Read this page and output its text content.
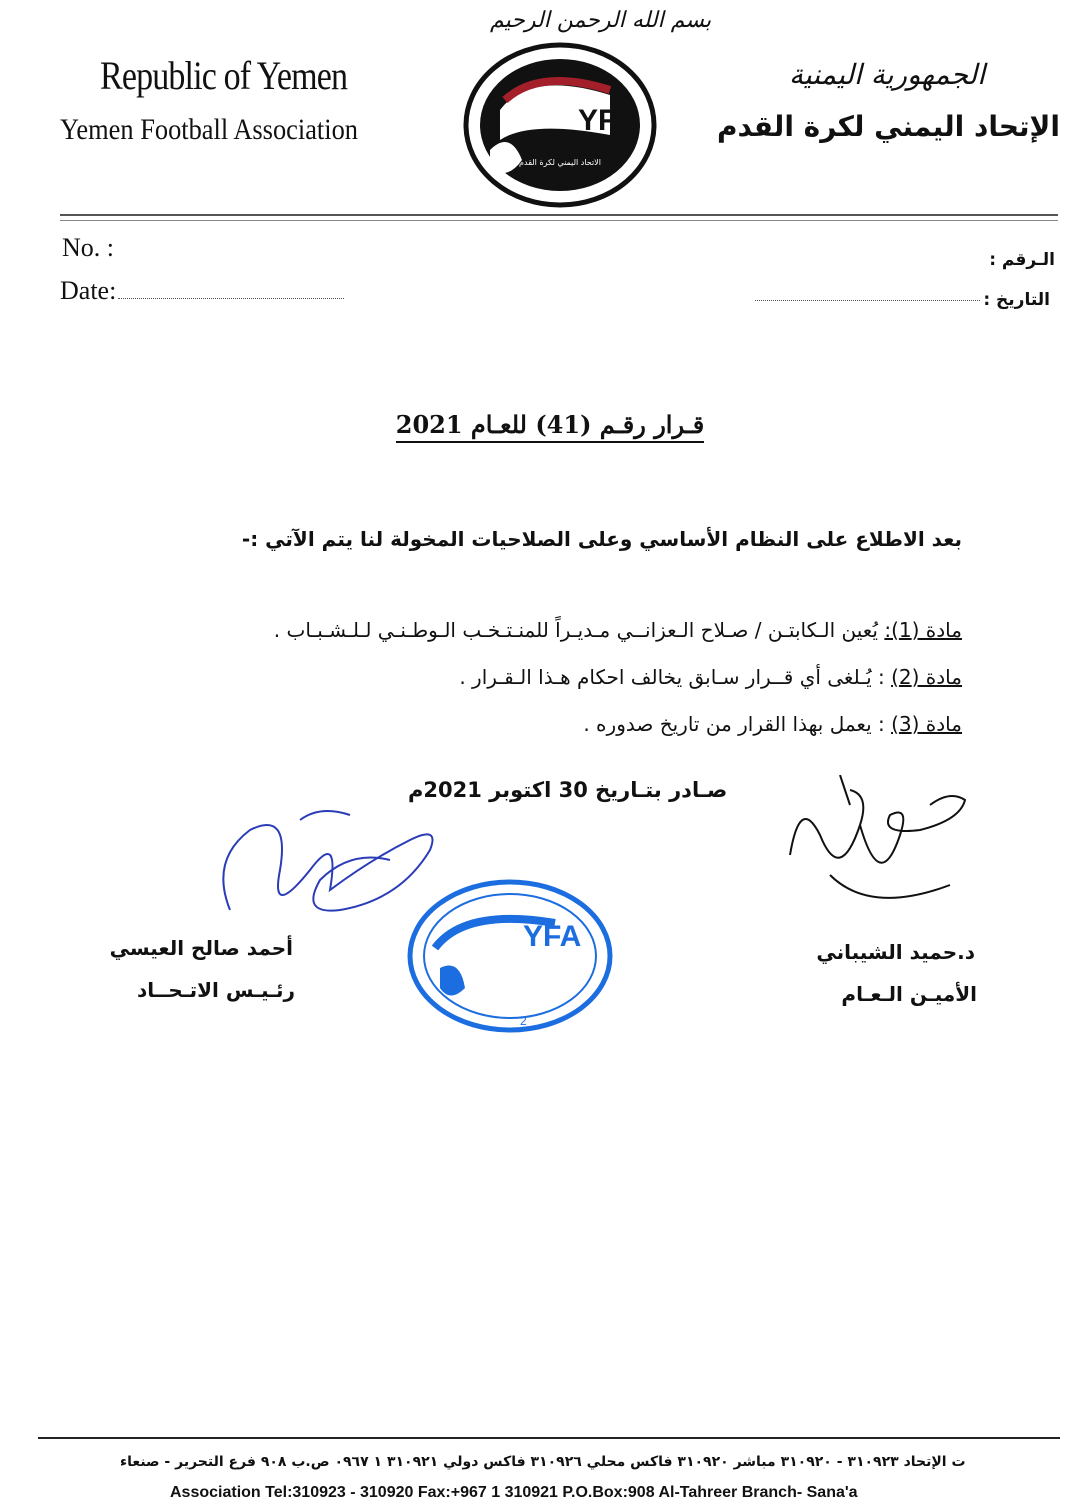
بسم الله الرحمن الرحيم
Republic of Yemen
Yemen Football Association
الجمهورية اليمنية
الإتحاد اليمني لكرة القدم
YFA
الاتحاد اليمني لكرة القدم
No. :
Date:
الـرقم :
التاريخ :
قـرار رقـم (41) للعـام 2021
بعد الاطلاع على النظام الأساسي وعلى الصلاحيات المخولة لنا يتم الآتي :-
مادة (1): يُعين الـكابتـن / صـلاح الـعزانــي مـديـراً للمنـتـخـب الـوطـنـي لـلـشـبـاب .
مادة (2) : يُـلغى أي قــرار سـابق يخالف احكام هـذا الـقـرار .
مادة (3) : يعمل بهذا القرار من تاريخ صدوره .
صـادر بتـاريخ 30 اكتوبر 2021م
YFA
2
أحمد صالح العيسي
رئـيـس الاتـحــاد
د.حميد الشيباني
الأميـن الـعـام
ت الإتحاد ٣١٠٩٢٣ - ٣١٠٩٢٠ مباشر ٣١٠٩٢٠ فاكس محلي ٣١٠٩٢٦ فاكس دولي ٣١٠٩٢١ ١ ٠٩٦٧ ص.ب ٩٠٨ فرع التحرير - صنعاء
Association Tel:310923 - 310920 Fax:+967 1 310921 P.O.Box:908 Al-Tahreer Branch- Sana'a
